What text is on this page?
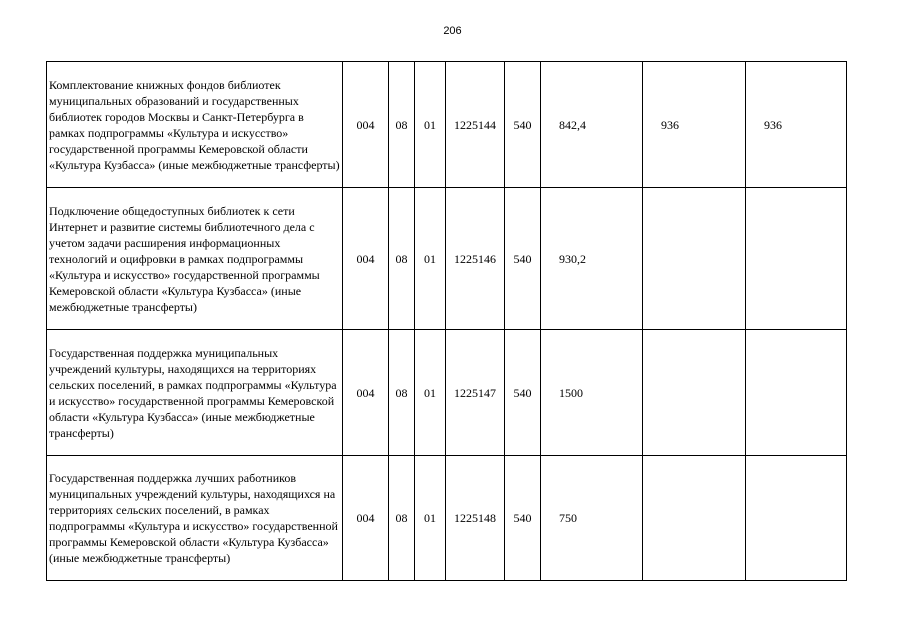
206
Комплектование книжных фондов библиотек муниципальных образований и государственных библиотек городов Москвы и Санкт-Петербурга в рамках подпрограммы «Культура и искусство» государственной программы Кемеровской области «Культура Кузбасса» (иные межбюджетные трансферты)	004	08	01	1225144	540	842,4	936	936
Подключение общедоступных библиотек к сети Интернет и развитие системы библиотечного дела с учетом задачи расширения информационных технологий и оцифровки в рамках подпрограммы «Культура и искусство» государственной программы Кемеровской области «Культура Кузбасса» (иные межбюджетные трансферты)	004	08	01	1225146	540	930,2		
Государственная поддержка муниципальных учреждений культуры, находящихся на территориях сельских поселений, в рамках подпрограммы «Культура и искусство» государственной программы Кемеровской области «Культура Кузбасса» (иные межбюджетные трансферты)	004	08	01	1225147	540	1500		
Государственная поддержка лучших работников муниципальных учреждений культуры, находящихся на территориях сельских поселений, в рамках подпрограммы «Культура и искусство» государственной программы Кемеровской области «Культура Кузбасса» (иные межбюджетные трансферты)	004	08	01	1225148	540	750		
